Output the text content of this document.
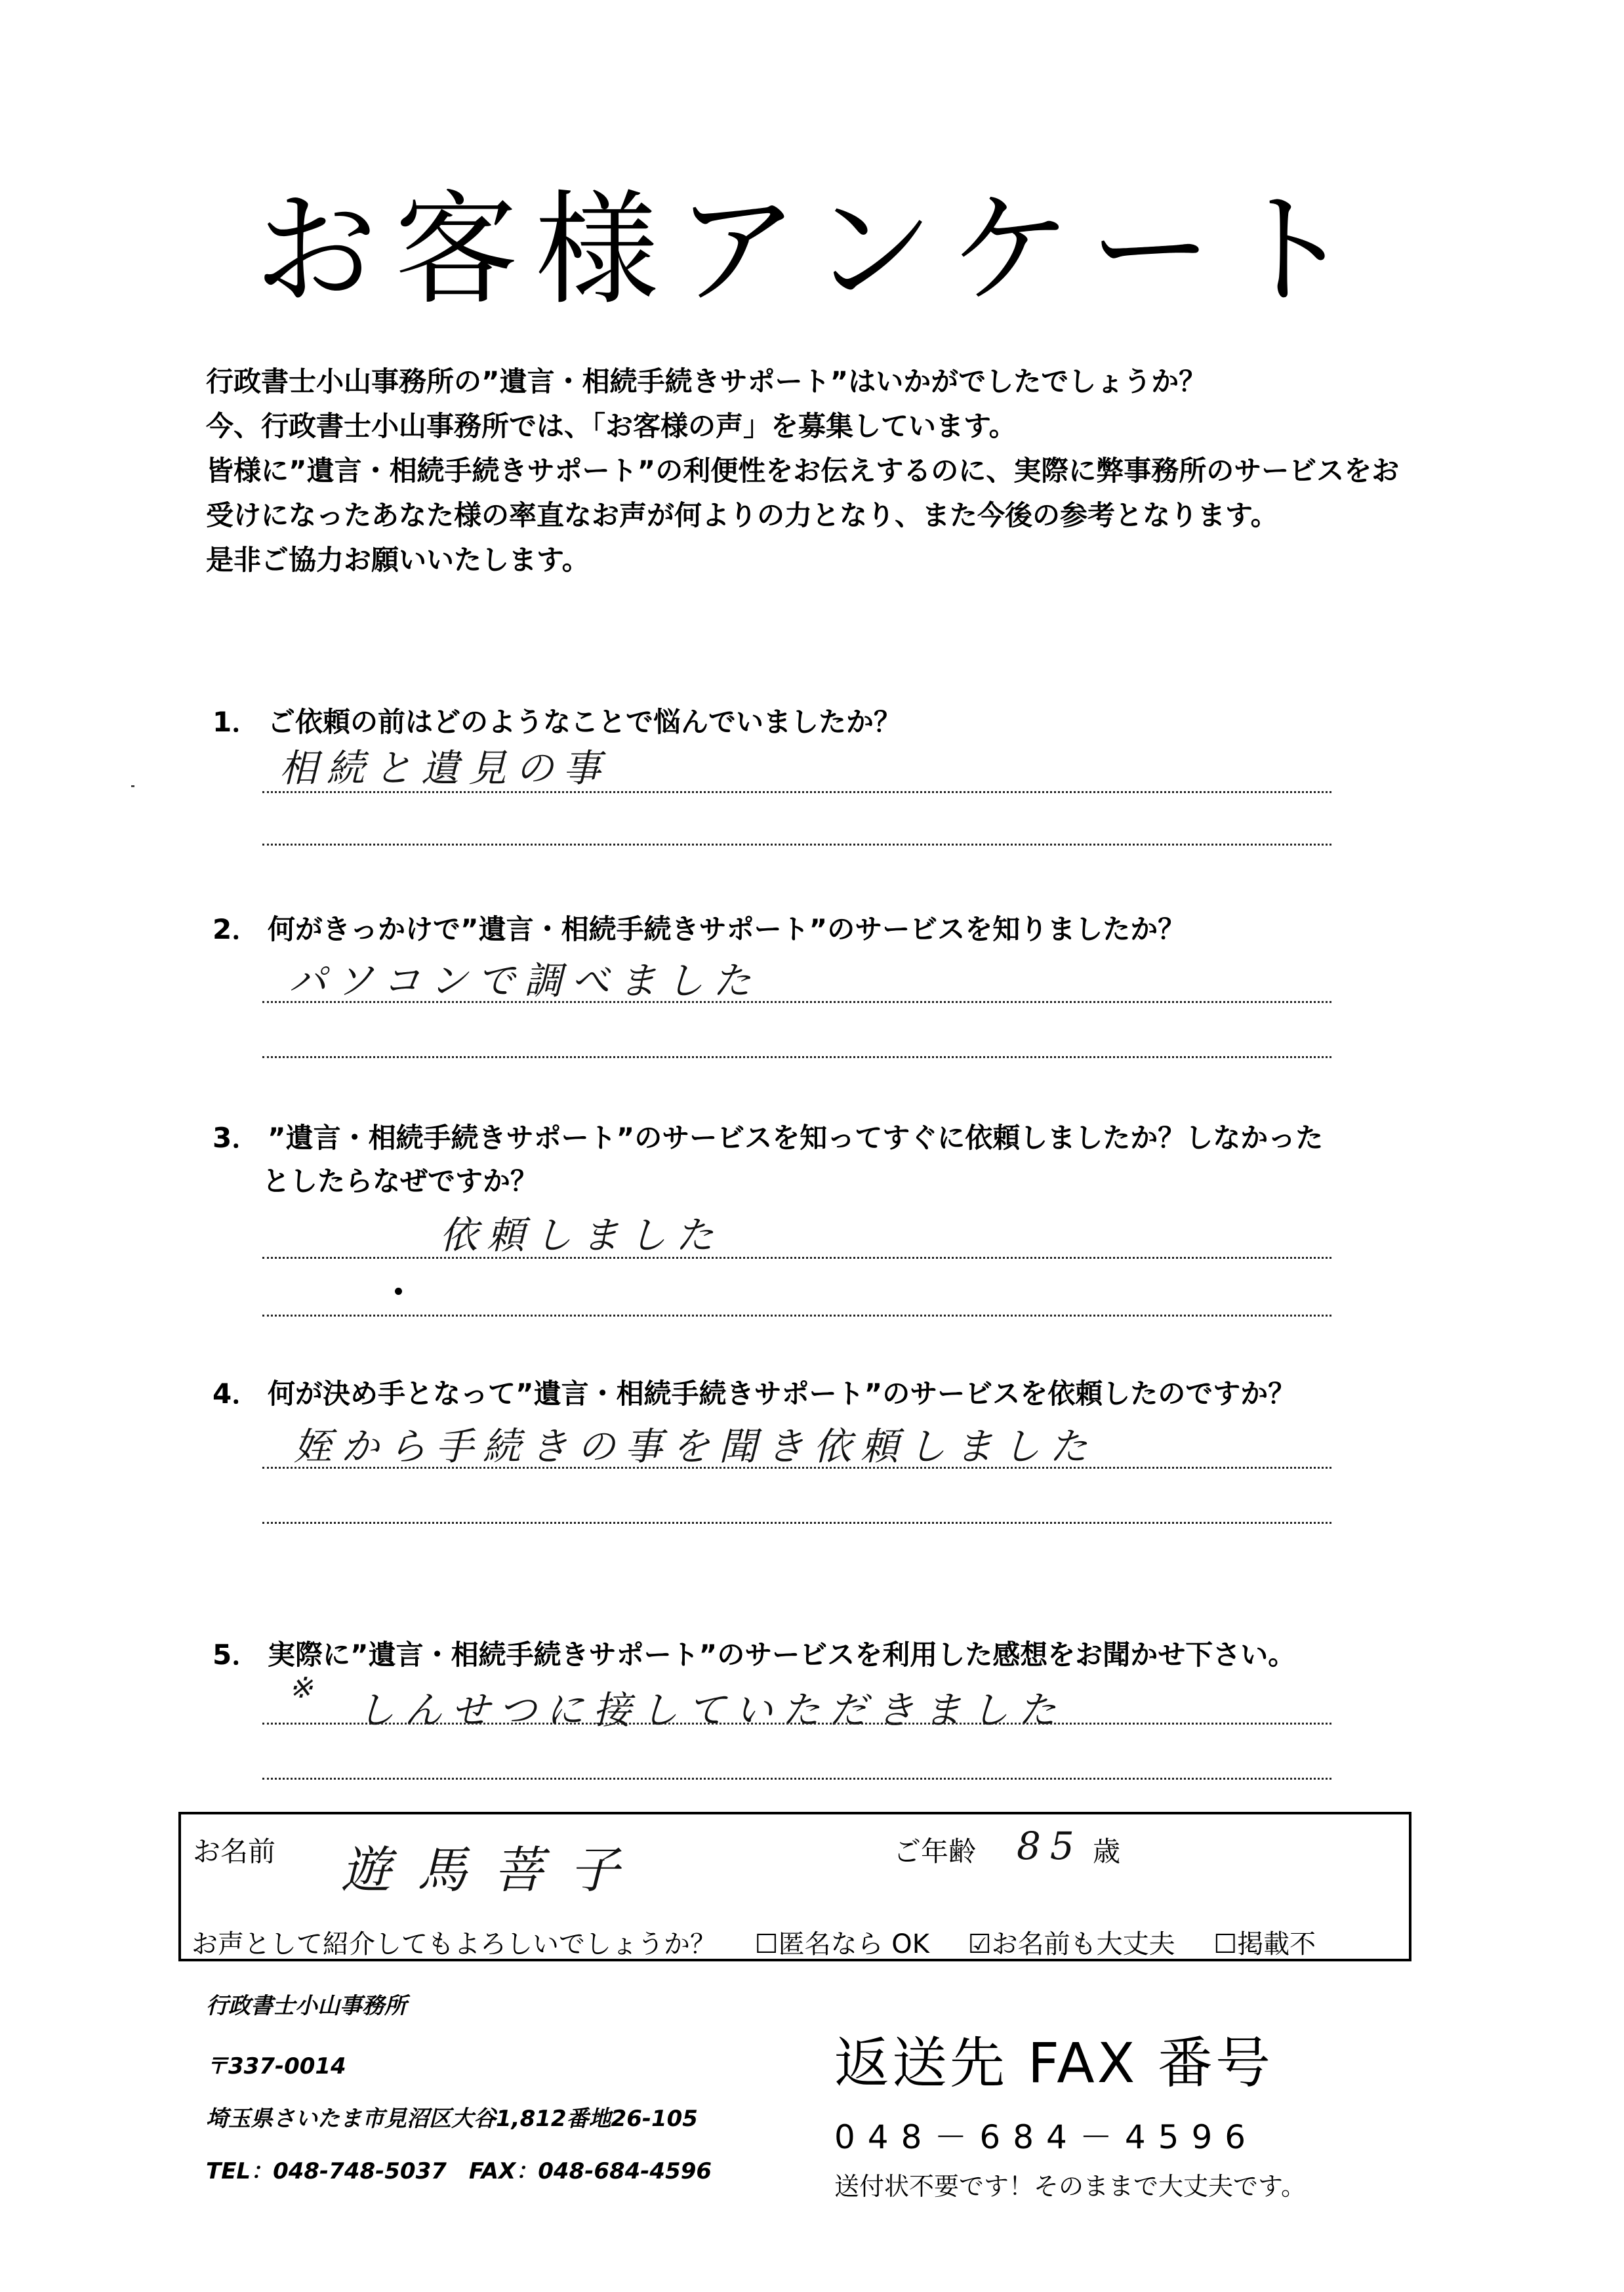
お客様アンケート
行政書士小山事務所の”遺言・相続手続きサポート”はいかがでしたでしょうか？
今、行政書士小山事務所では、「お客様の声」を募集しています。
皆様に”遺言・相続手続きサポート”の利便性をお伝えするのに、実際に弊事務所のサービスをお
受けになったあなた様の率直なお声が何よりの力となり、また今後の参考となります。
是非ご協力お願いいたします。
1． ご依頼の前はどのようなことで悩んでいましたか？
相続と遺見の事
2． 何がきっかけで”遺言・相続手続きサポート”のサービスを知りましたか？
パソコンで調べました
3． ”遺言・相続手続きサポート”のサービスを知ってすぐに依頼しましたか？しなかった
としたらなぜですか？
依頼しました
4． 何が決め手となって”遺言・相続手続きサポート”のサービスを依頼したのですか？
姪から手続きの事を聞き依頼しました
5． 実際に”遺言・相続手続きサポート”のサービスを利用した感想をお聞かせ下さい。
※ しんせつに接していただきました
お名前 遊馬菩子	ご年齢 85 歳
お声として紹介してもよろしいでしょうか？ ☐匿名なら OK ☑お名前も大丈夫 ☐掲載不
行政書士小山事務所
〒337-0014
埼玉県さいたま市見沼区大谷1,812番地26-105
TEL：048-748-5037　FAX：048-684-4596
返送先 FAX 番号
048－684－4596
送付状不要です！そのままで大丈夫です。
